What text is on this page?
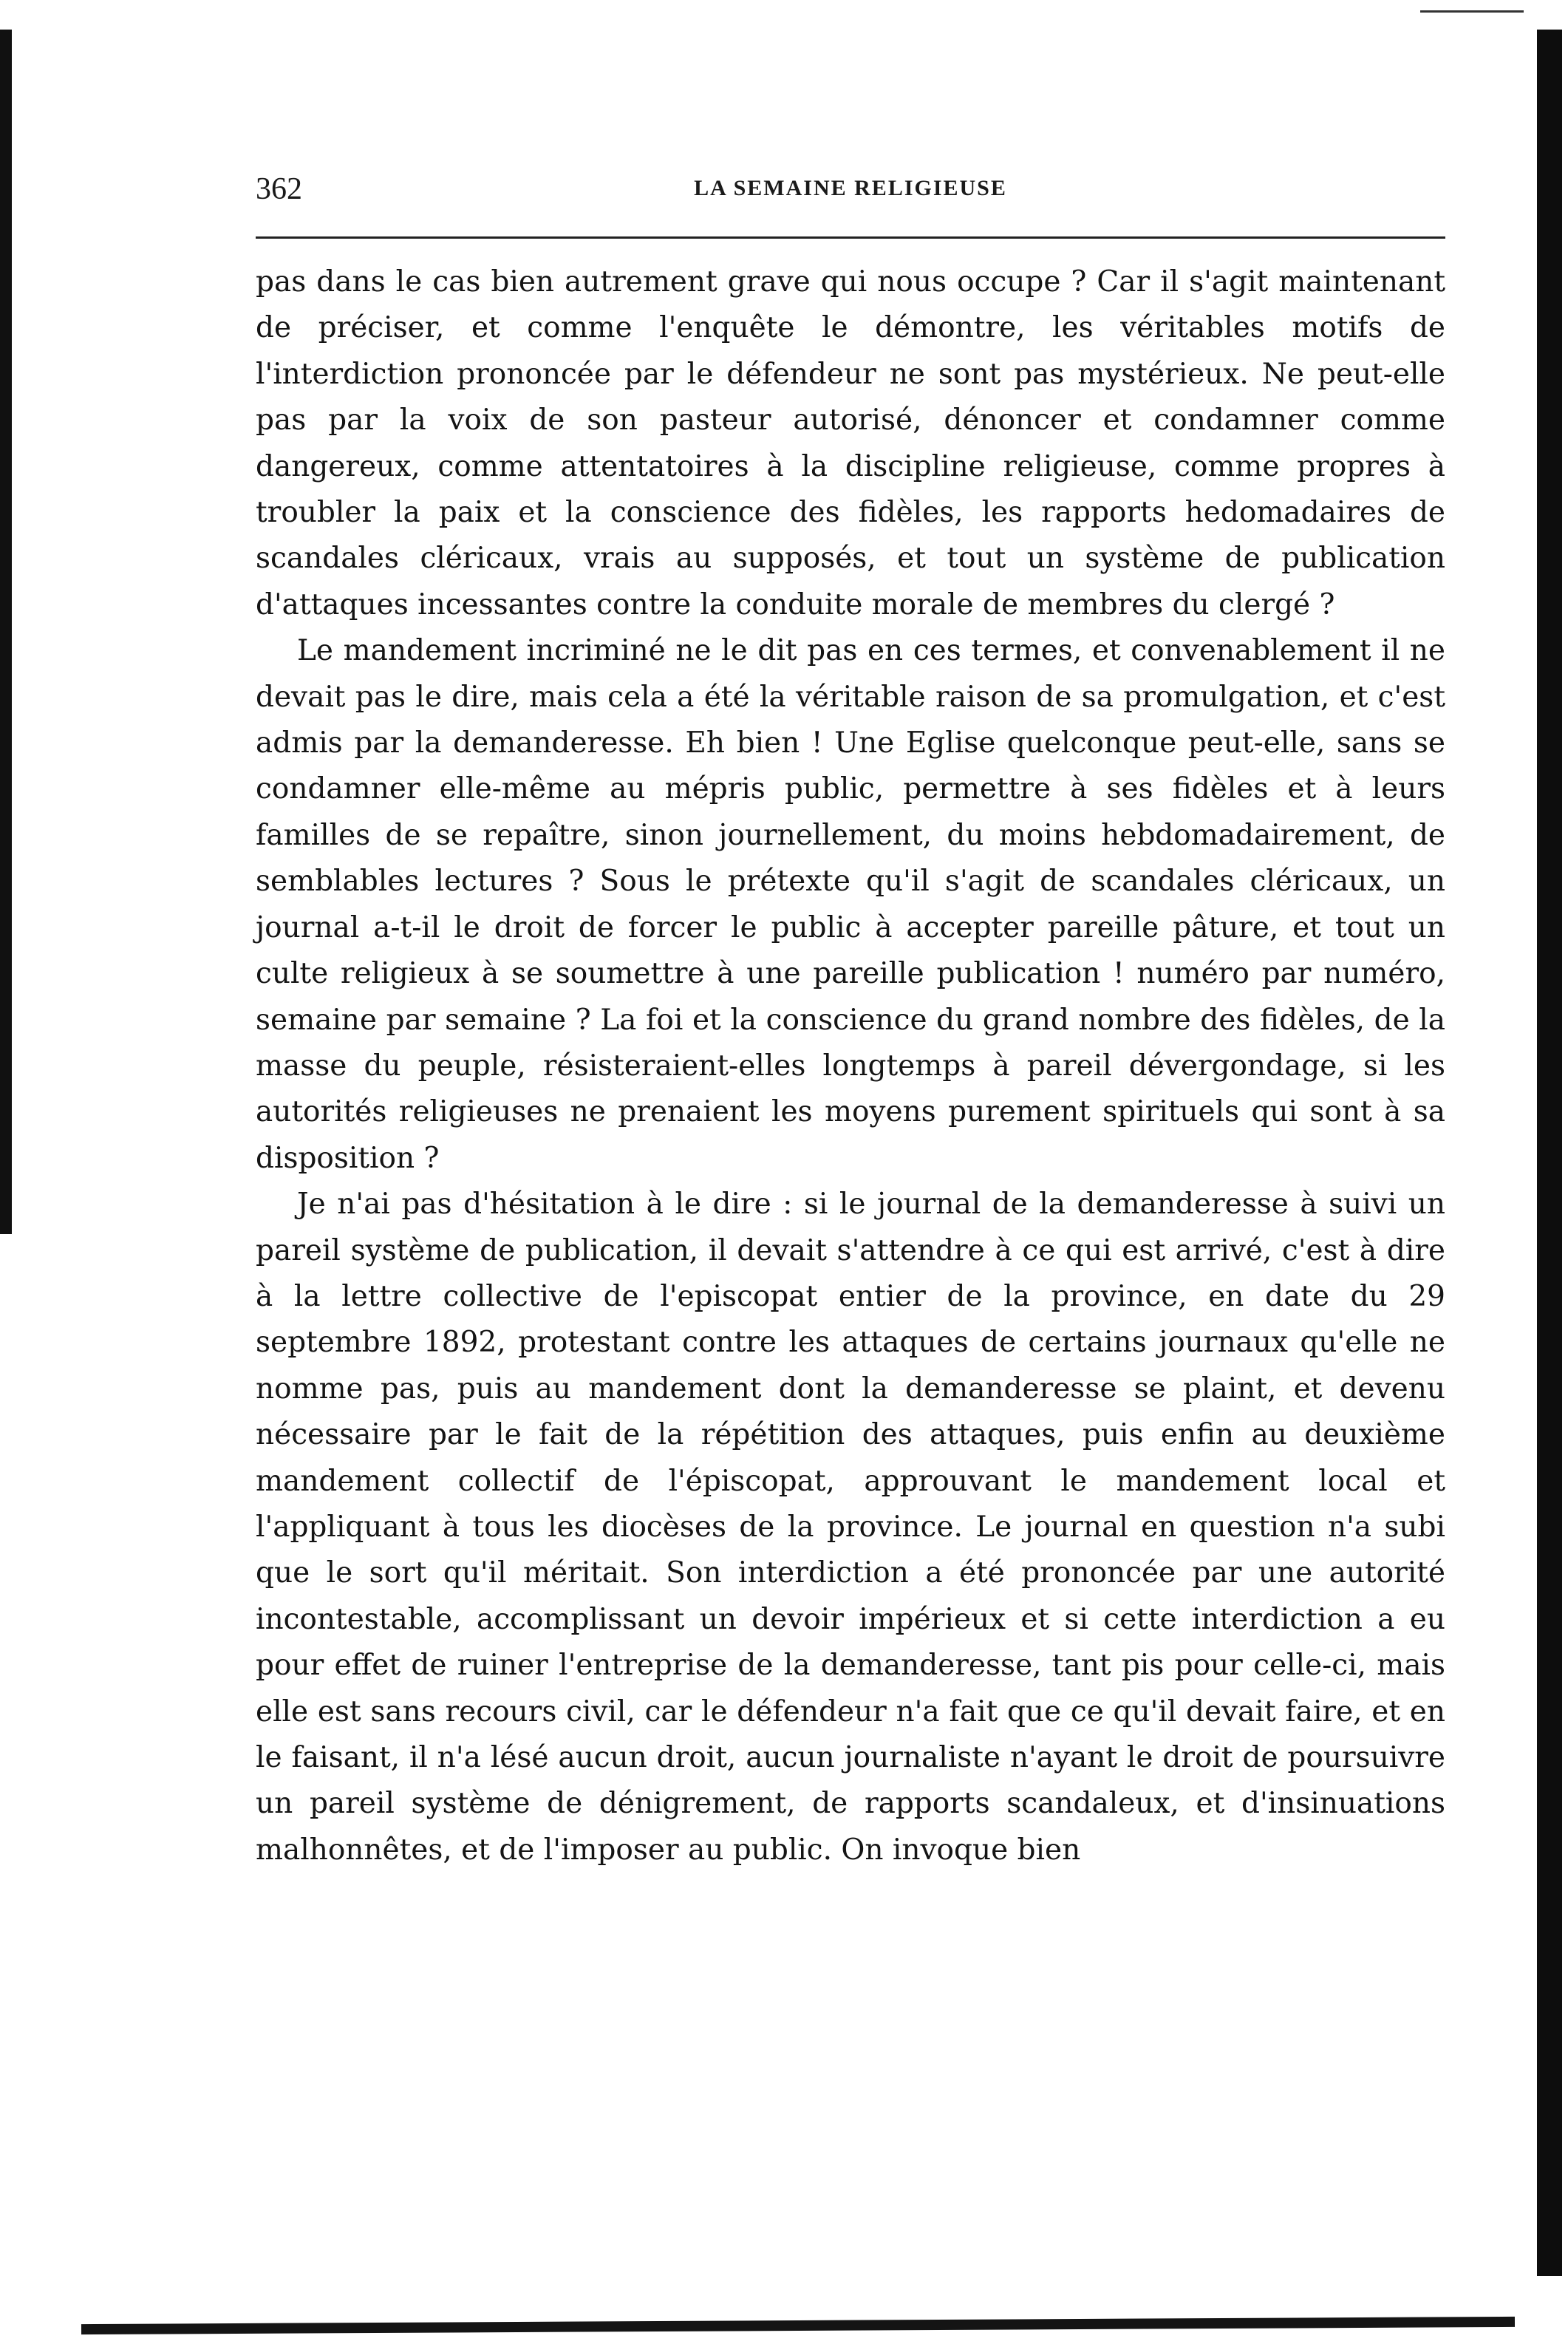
362	LA SEMAINE RELIGIEUSE

pas dans le cas bien autrement grave qui nous occupe ? Car il s'agit maintenant de préciser, et comme l'enquête le démontre, les véritables motifs de l'interdiction prononcée par le défendeur ne sont pas mystérieux. Ne peut-elle pas par la voix de son pasteur autorisé, dénoncer et condamner comme dangereux, comme attentatoires à la discipline religieuse, comme propres à troubler la paix et la conscience des fidèles, les rapports hedomadaires de scandales cléricaux, vrais au supposés, et tout un système de publication d'attaques incessantes contre la conduite morale de membres du clergé ?

Le mandement incriminé ne le dit pas en ces termes, et convenablement il ne devait pas le dire, mais cela a été la véritable raison de sa promulgation, et c'est admis par la demanderesse. Eh bien ! Une Eglise quelconque peut-elle, sans se condamner elle-même au mépris public, permettre à ses fidèles et à leurs familles de se repaître, sinon journellement, du moins hebdomadairement, de semblables lectures ? Sous le prétexte qu'il s'agit de scandales cléricaux, un journal a-t-il le droit de forcer le public à accepter pareille pâture, et tout un culte religieux à se soumettre à une pareille publication ! numéro par numéro, semaine par semaine ? La foi et la conscience du grand nombre des fidèles, de la masse du peuple, résisteraient-elles longtemps à pareil dévergondage, si les autorités religieuses ne prenaient les moyens purement spirituels qui sont à sa disposition ?

Je n'ai pas d'hésitation à le dire : si le journal de la demanderesse à suivi un pareil système de publication, il devait s'attendre à ce qui est arrivé, c'est à dire à la lettre collective de l'episcopat entier de la province, en date du 29 septembre 1892, protestant contre les attaques de certains journaux qu'elle ne nomme pas, puis au mandement dont la demanderesse se plaint, et devenu nécessaire par le fait de la répétition des attaques, puis enfin au deuxième mandement collectif de l'épiscopat, approuvant le mandement local et l'appliquant à tous les diocèses de la province. Le journal en question n'a subi que le sort qu'il méritait. Son interdiction a été prononcée par une autorité incontestable, accomplissant un devoir impérieux et si cette interdiction a eu pour effet de ruiner l'entreprise de la demanderesse, tant pis pour celle-ci, mais elle est sans recours civil, car le défendeur n'a fait que ce qu'il devait faire, et en le faisant, il n'a lésé aucun droit, aucun journaliste n'ayant le droit de poursuivre un pareil système de dénigrement, de rapports scandaleux, et d'insinuations malhonnêtes, et de l'imposer au public. On invoque bien
